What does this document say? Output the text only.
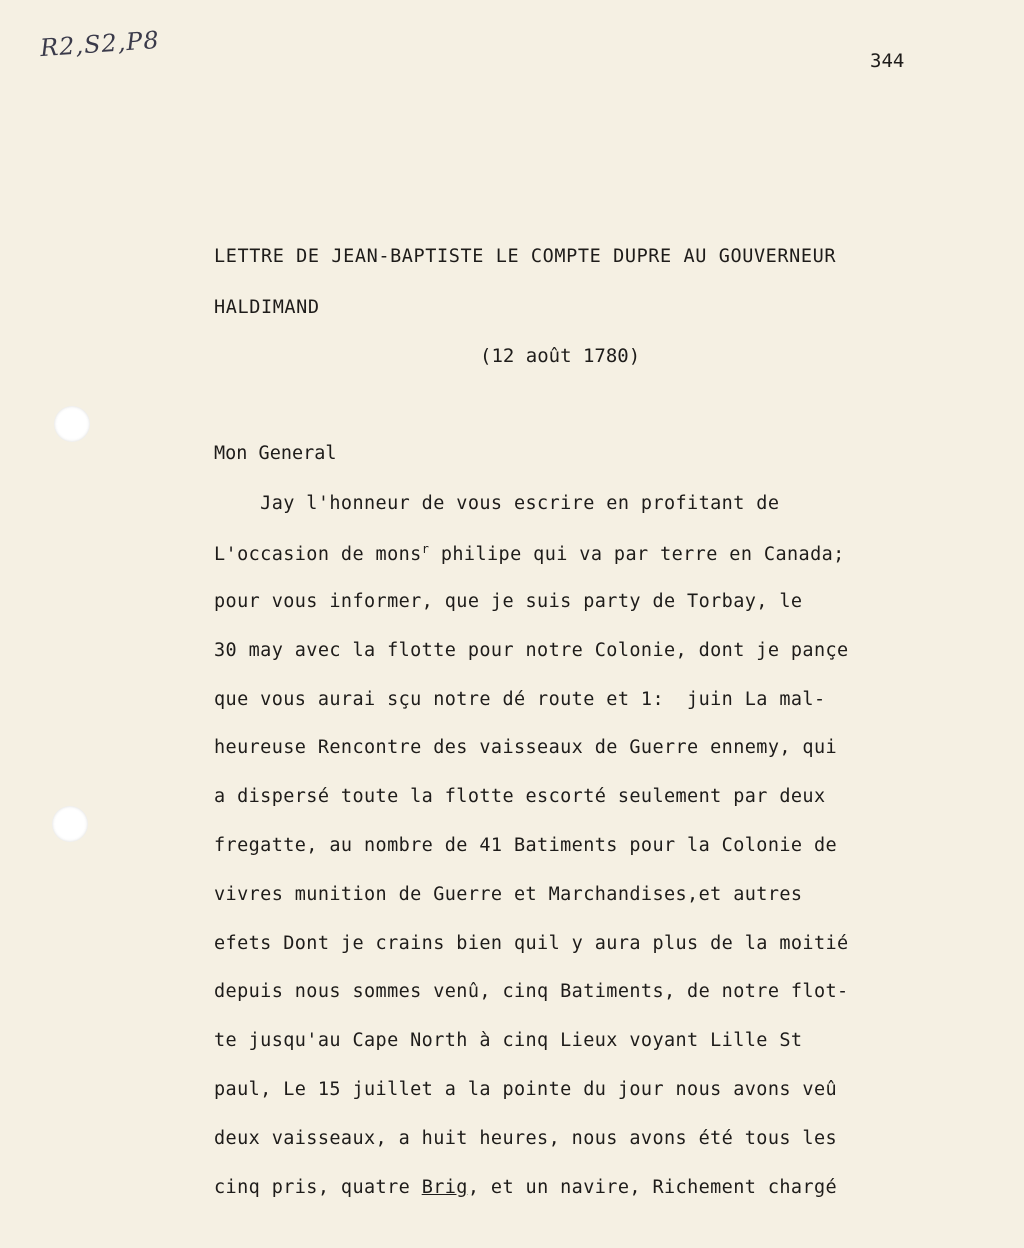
R2,S2,P8	344
LETTRE DE JEAN-BAPTISTE LE COMPTE DUPRE AU GOUVERNEUR
HALDIMAND
(12 août 1780)
Mon General
Jay l'honneur de vous escrire en profitant de
L'occasion de mons$^r$ philipe qui va par terre en Canada;
pour vous informer, que je suis party de Torbay, le
30 may avec la flotte pour notre Colonie, dont je pançe
que vous aurai sçu notre dé route et 1:  juin La mal-
heureuse Rencontre des vaisseaux de Guerre ennemy, qui
a dispersé toute la flotte escorté seulement par deux
fregatte, au nombre de 41 Batiments pour la Colonie de
vivres munition de Guerre et Marchandises,et autres
efets Dont je crains bien quil y aura plus de la moitié
depuis nous sommes venû, cinq Batiments, de notre flot-
te jusqu'au Cape North à cinq Lieux voyant Lille St
paul, Le 15 juillet a la pointe du jour nous avons veû
deux vaisseaux, a huit heures, nous avons été tous les
cinq pris, quatre Brig, et un navire, Richement chargé
